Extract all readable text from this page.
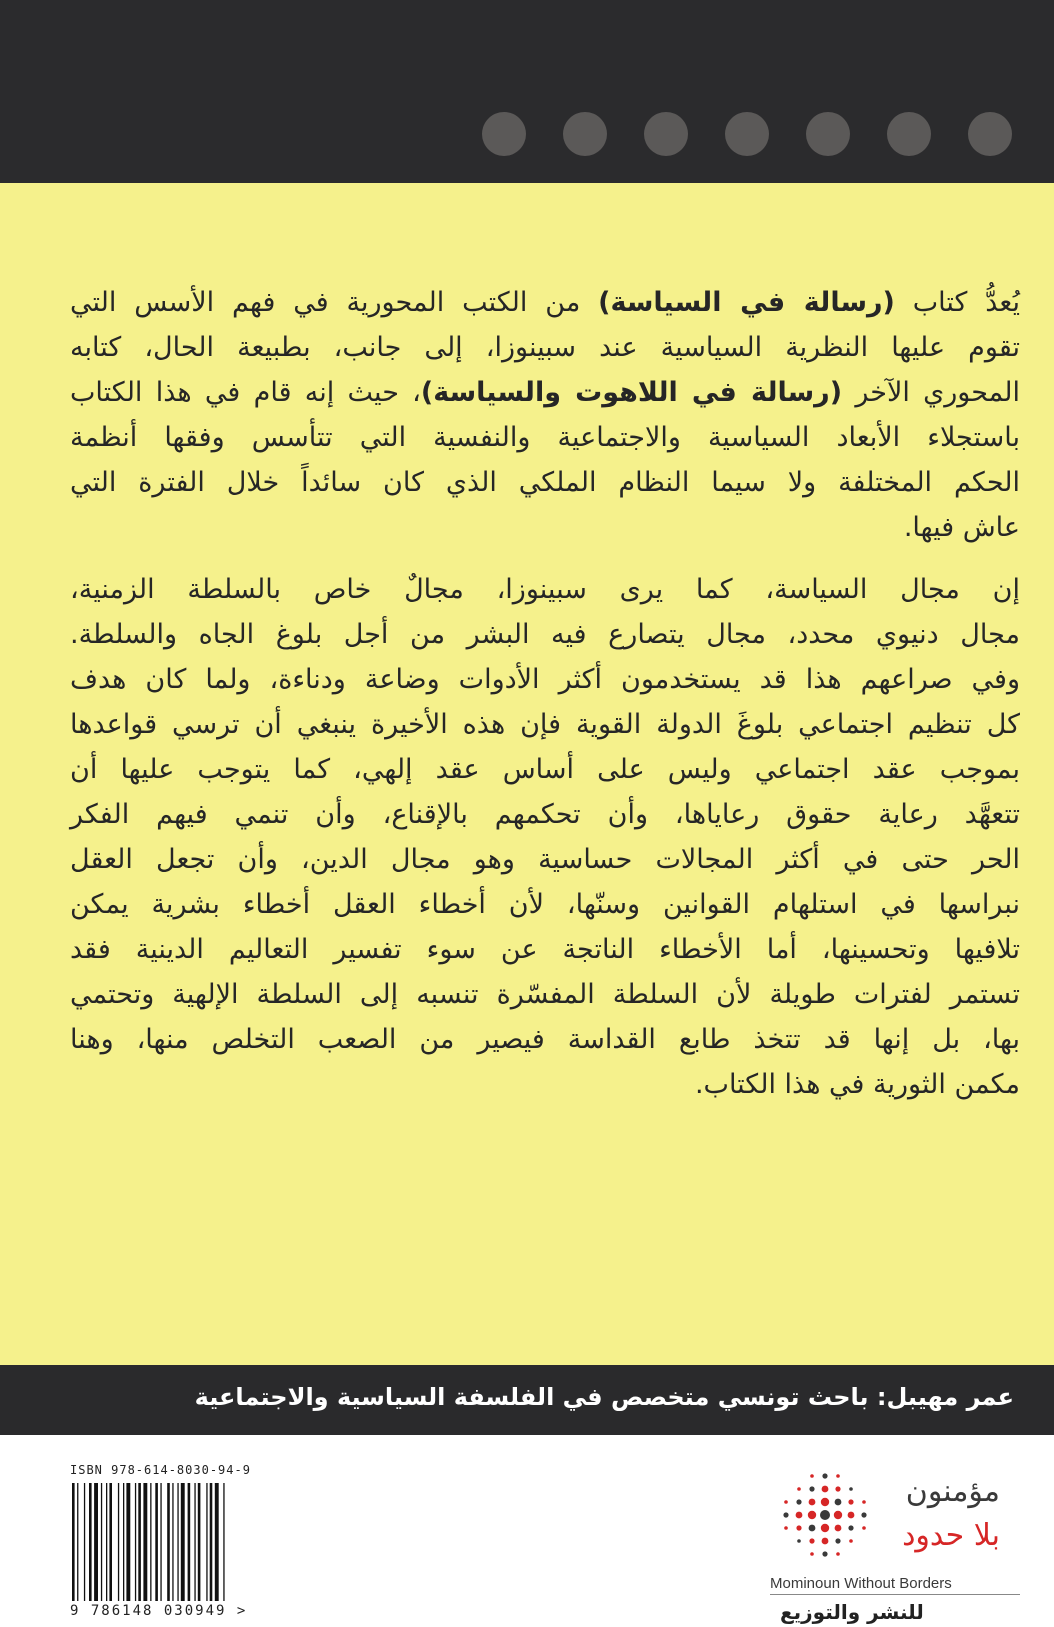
يُعدُّ كتاب (رسالة في السياسة) من الكتب المحورية في فهم الأسس التي
تقوم عليها النظرية السياسية عند سبينوزا، إلى جانب، بطبيعة الحال، كتابه
المحوري الآخر (رسالة في اللاهوت والسياسة)، حيث إنه قام في هذا الكتاب
باستجلاء الأبعاد السياسية والاجتماعية والنفسية التي تتأسس وفقها أنظمة
الحكم المختلفة ولا سيما النظام الملكي الذي كان سائداً خلال الفترة التي
عاش فيها.
إن مجال السياسة، كما يرى سبينوزا، مجالٌ خاص بالسلطة الزمنية،
مجال دنيوي محدد، مجال يتصارع فيه البشر من أجل بلوغ الجاه والسلطة.
وفي صراعهم هذا قد يستخدمون أكثر الأدوات وضاعة ودناءة، ولما كان هدف
كل تنظيم اجتماعي بلوغَ الدولة القوية فإن هذه الأخيرة ينبغي أن ترسي قواعدها
بموجب عقد اجتماعي وليس على أساس عقد إلهي، كما يتوجب عليها أن
تتعهَّد رعاية حقوق رعاياها، وأن تحكمهم بالإقناع، وأن تنمي فيهم الفكر
الحر حتى في أكثر المجالات حساسية وهو مجال الدين، وأن تجعل العقل
نبراسها في استلهام القوانين وسنّها، لأن أخطاء العقل أخطاء بشرية يمكن
تلافيها وتحسينها، أما الأخطاء الناتجة عن سوء تفسير التعاليم الدينية فقد
تستمر لفترات طويلة لأن السلطة المفسّرة تنسبه إلى السلطة الإلهية وتحتمي
بها، بل إنها قد تتخذ طابع القداسة فيصير من الصعب التخلص منها، وهنا
مكمن الثورية في هذا الكتاب.
عمر مهيبل: باحث تونسي متخصص في الفلسفة السياسية والاجتماعية
ISBN 978-614-8030-94-9
9 786148 030949 >
مؤمنون
بلا حدود
Mominoun Without Borders
للنشر والتوزيع
